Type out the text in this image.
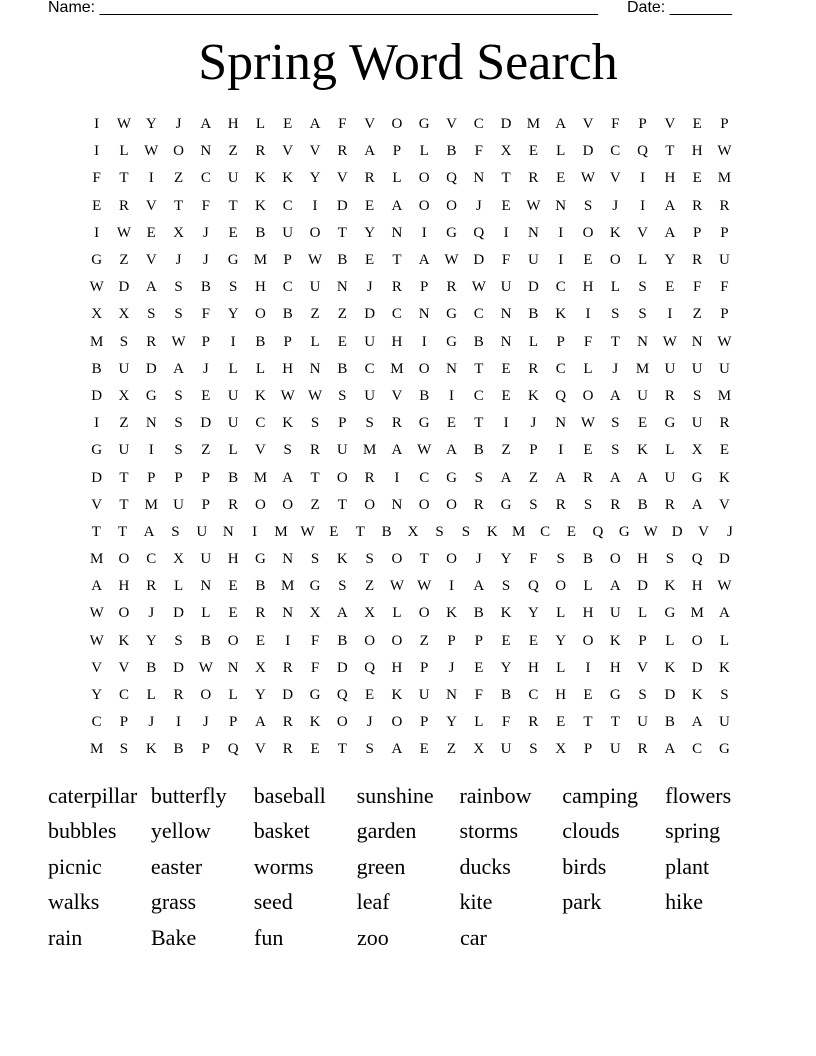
Name: ________________________________________________________

Date: _______

Spring Word Search
I	W Y	J	A	H	L	E	A	F	V	O	G	V	C	D	M	A	V	F	P	V	E	P
I	L	W O	N	Z	R	V	V	R	A	P	L	B	F	X	E	L	D	C	Q	T	H W
F	T	I	Z	C	U	K	K	Y	V	R	L	O	Q	N	T	R	E	W V	I	H	E	M
E	R	V	T	F	T	K	C	I	D	E	A	O	O	J	E	W N	S	J	I	A	R	R
I	W	E	X	J	E	B	U	O	T	Y	N	I	G	Q	I	N	I	O	K	V	A	P	P
G	Z	V	J	J	G	M	P	W	B	E	T	A W D	F	U	I	E	O	L	Y	R	U
W D	A	S	B	S	H	C	U	N	J	R	P	R	W U	D	C	H	L	S	E	F	F
X	X	S	S	F	Y	O	B	Z	Z	D	C	N	G	C	N	B	K	I	S	S	I	Z	P
M	S	R	W	P	I	B	P	L	E	U	H	I	G	B	N	L	P	F	T	N W N W
B	U	D	A	J	L	L	H	N	B	C	M	O	N	T	E	R	C	L	J	M	U	U	U
D	X	G	S	E	U	K W W	S	U	V	B	I	C	E	K	Q	O	A	U	R	S	M
I	Z	N	S	D	U	C	K	S	P	S	R	G	E	T	I	J	N W	S	E	G	U	R
G	U	I	S	Z	L	V	S	R	U	M	A W A	B	Z	P	I	E	S	K	L	X	E
D	T	P	P	P	B	M	A	T	O	R	I	C	G	S	A	Z	A	R	A	A	U	G	K
V	T	M	U	P	R	O	O	Z	T	O	N	O	O	R	G	S	R	S	R	B	R	A	V
T	T	A	S	U	N	I	M W E	T	B	X	S	S	K M C	E	Q	G W D	V	J
M	O	C	X	U	H	G	N	S	K	S	O	T	O	J	Y	F	S	B	O	H	S	Q	D
A	H	R	L	N	E	B	M	G	S	Z	W W	I	A	S	Q	O	L	A	D	K	H W
W O	J	D	L	E	R	N	X	A	X	L	O	K	B	K	Y	L	H	U	L	G	M	A
W K	Y	S	B	O	E	I	F	B	O	O	Z	P	P	E	E	Y	O	K	P	L	O	L
V	V	B	D W N	X	R	F	D	Q	H	P	J	E	Y	H	L	I	H	V	K	D	K
Y	C	L	R	O	L	Y	D	G	Q	E	K	U	N	F	B	C	H	E	G	S	D	K	S
C	P	J	I	J	P	A	R	K	O	J	O	P	Y	L	F	R	E	T	T	U	B	A	U
M	S	K	B	P	Q	V	R	E	T	S	A	E	Z	X	U	S	X	P	U	R	A	C	G
caterpillar butterfly	baseball	sunshine	rainbow	camping	flowers
bubbles	yellow	basket	garden	storms	clouds	spring
picnic	easter	worms	green	ducks	birds	plant
walks	grass	seed	leaf	kite	park	hike
rain	Bake	fun	zoo	car
